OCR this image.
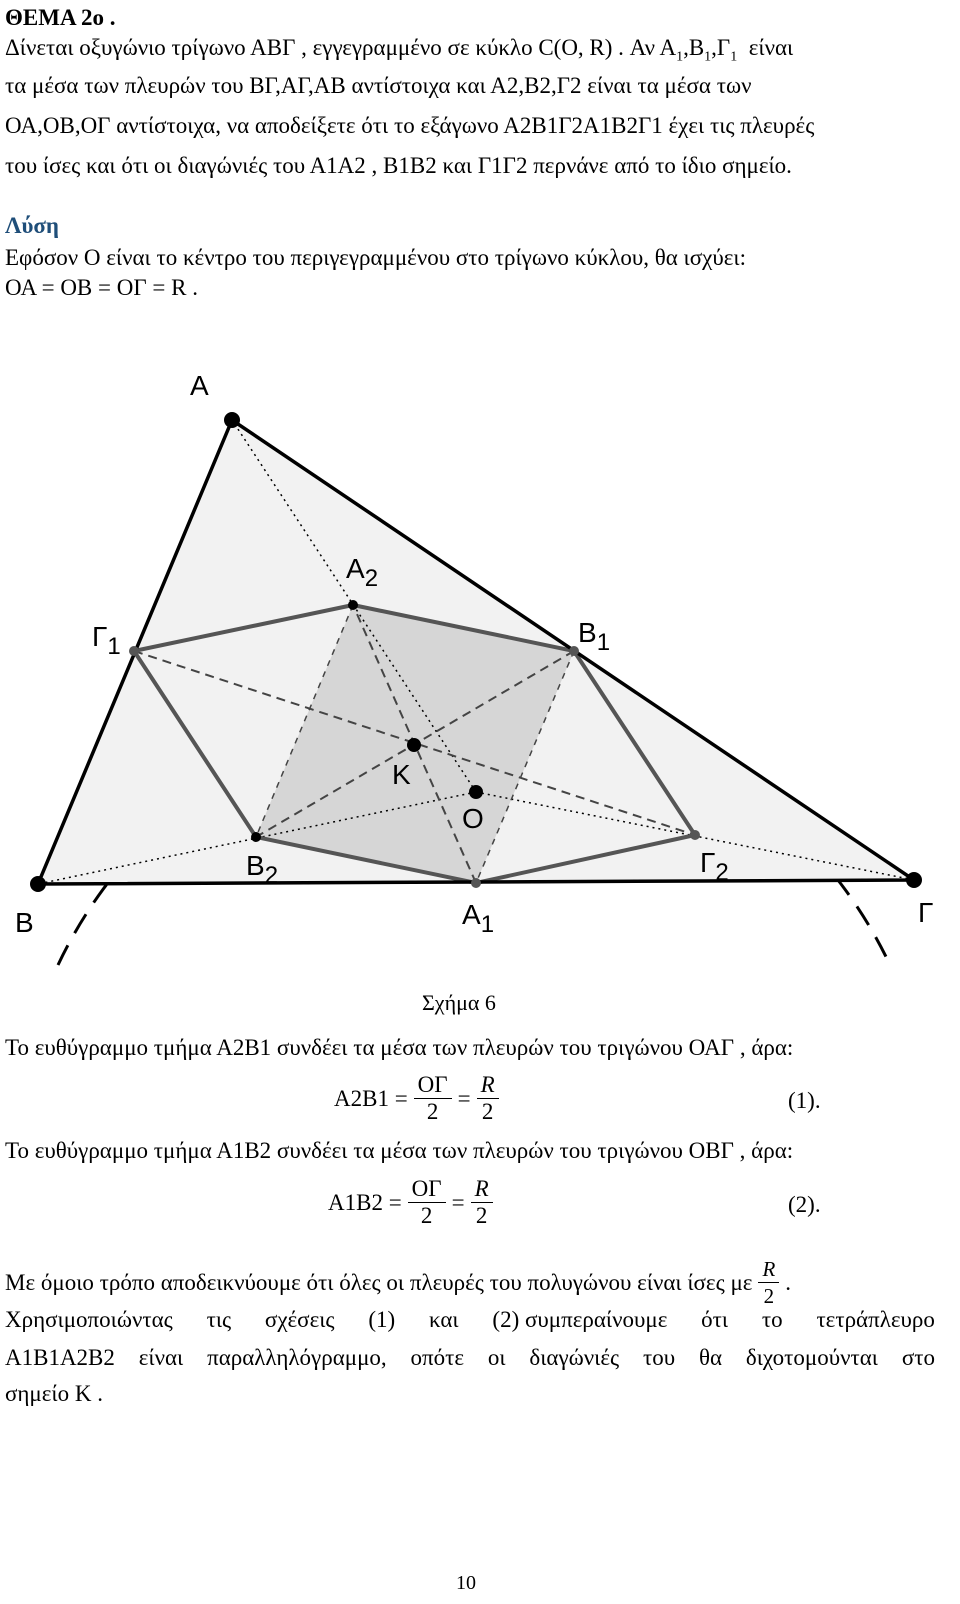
ΘΕΜΑ 2ο .
Δίνεται οξυγώνιο τρίγωνο ΑΒΓ , εγγεγραμμένο σε κύκλο C(O, R) . Αν $A_1,B_1,\Gamma_1$ είναι
τα μέσα των πλευρών του ΒΓ,ΑΓ,ΑΒ αντίστοιχα και Α2,Β2,Γ2 είναι τα μέσα των
ΟΑ,ΟΒ,ΟΓ αντίστοιχα, να αποδείξετε ότι το εξάγωνο Α2Β1Γ2Α1Β2Γ1 έχει τις πλευρές
του ίσες και ότι οι διαγώνιές του Α1Α2 , Β1Β2 και Γ1Γ2 περνάνε από το ίδιο σημείο.
Λύση
Εφόσον Ο είναι το κέντρο του περιγεγραμμένου στο τρίγωνο κύκλου, θα ισχύει:
ΟΑ = ΟΒ = ΟΓ = R .
A
B	Γ
A2
B1
Γ1
K
O
B2	Γ2
A1
Σχήμα 6
Το ευθύγραμμο τμήμα Α2Β1 συνδέει τα μέσα των πλευρών του τριγώνου ΟΑΓ , άρα:
$A2B1 = \frac{O\Gamma}{2} = \frac{R}{2}$	(1).
Το ευθύγραμμο τμήμα Α1Β2 συνδέει τα μέσα των πλευρών του τριγώνου ΟΒΓ , άρα:
$A1B2 = \frac{O\Gamma}{2} = \frac{R}{2}$	(2).
Με όμοιο τρόπο αποδεικνύουμε ότι όλες οι πλευρές του πολυγώνου είναι ίσες με $\frac{R}{2}$ .
Χρησιμοποιώντας τις σχέσεις (1) και (2) συμπεραίνουμε ότι το τετράπλευρο
Α1Β1Α2Β2 είναι παραλληλόγραμμο, οπότε οι διαγώνιές του θα διχοτομούνται στο
σημείο K .
10
